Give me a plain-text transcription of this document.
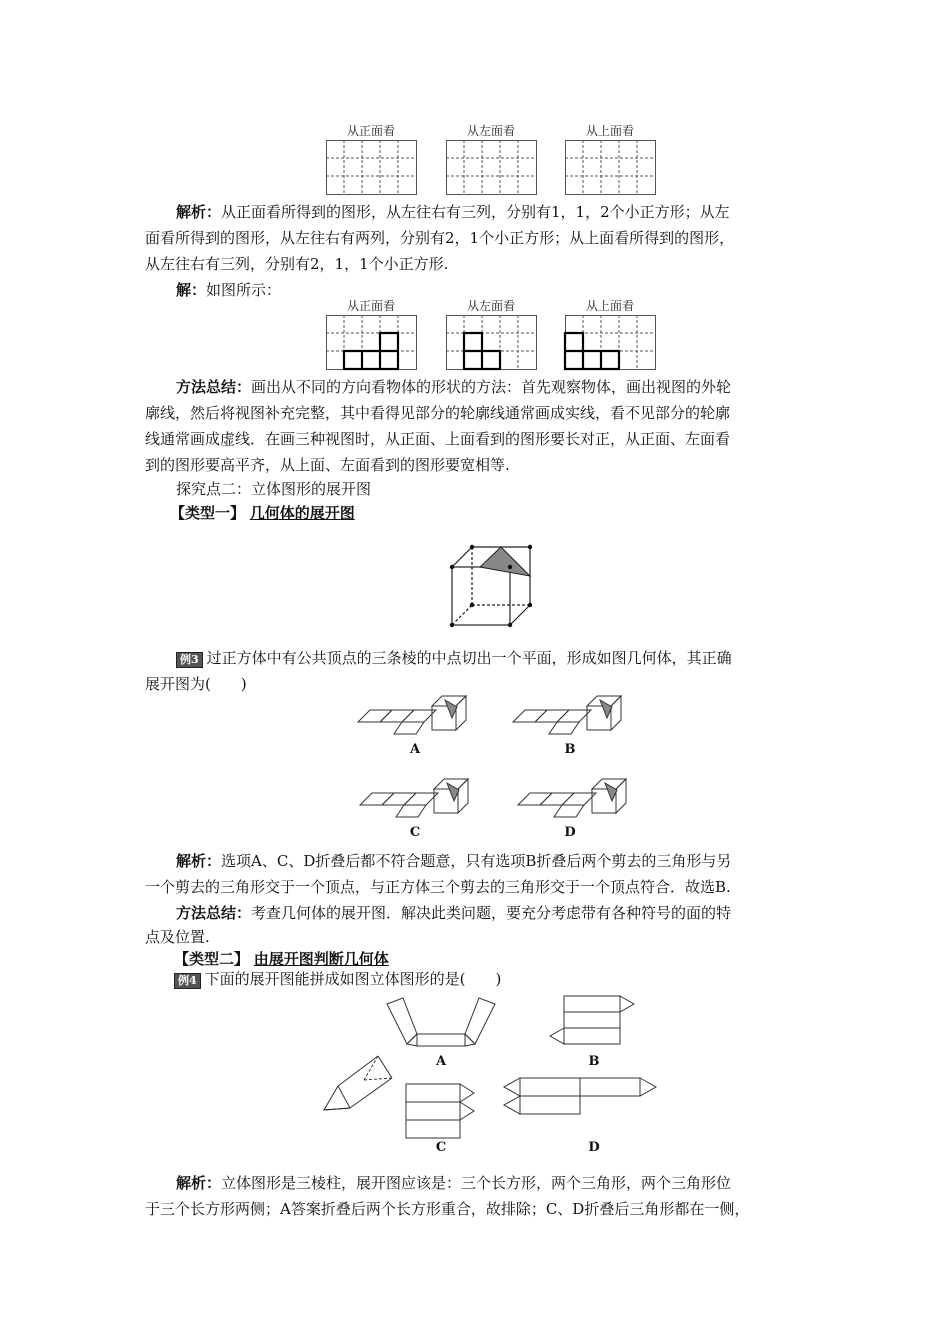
从正面看	从左面看	从上面看
解析：从正面看所得到的图形，从左往右有三列，分别有1，1，2个小正方形；从左
面看所得到的图形，从左往右有两列，分别有2，1个小正方形；从上面看所得到的图形，
从左往右有三列，分别有2，1，1个小正方形.
解：如图所示：
从正面看	从左面看	从上面看
方法总结：画出从不同的方向看物体的形状的方法：首先观察物体，画出视图的外轮
廓线，然后将视图补充完整，其中看得见部分的轮廓线通常画成实线，看不见部分的轮廓
线通常画成虚线．在画三种视图时，从正面、上面看到的图形要长对正，从正面、左面看
到的图形要高平齐，从上面、左面看到的图形要宽相等.
探究点二：立体图形的展开图
【类型一】 几何体的展开图
例3 过正方体中有公共顶点的三条棱的中点切出一个平面，形成如图几何体，其正确
展开图为(　　)
A	B
C	D
解析：选项A、C、D折叠后都不符合题意，只有选项B折叠后两个剪去的三角形与另
一个剪去的三角形交于一个顶点，与正方体三个剪去的三角形交于一个顶点符合．故选B.
方法总结：考查几何体的展开图．解决此类问题，要充分考虑带有各种符号的面的特
点及位置.
【类型二】 由展开图判断几何体
例4 下面的展开图能拼成如图立体图形的是(　　)
A	B
C	D
解析：立体图形是三棱柱，展开图应该是：三个长方形，两个三角形，两个三角形位
于三个长方形两侧；A答案折叠后两个长方形重合，故排除；C、D折叠后三角形都在一侧，
